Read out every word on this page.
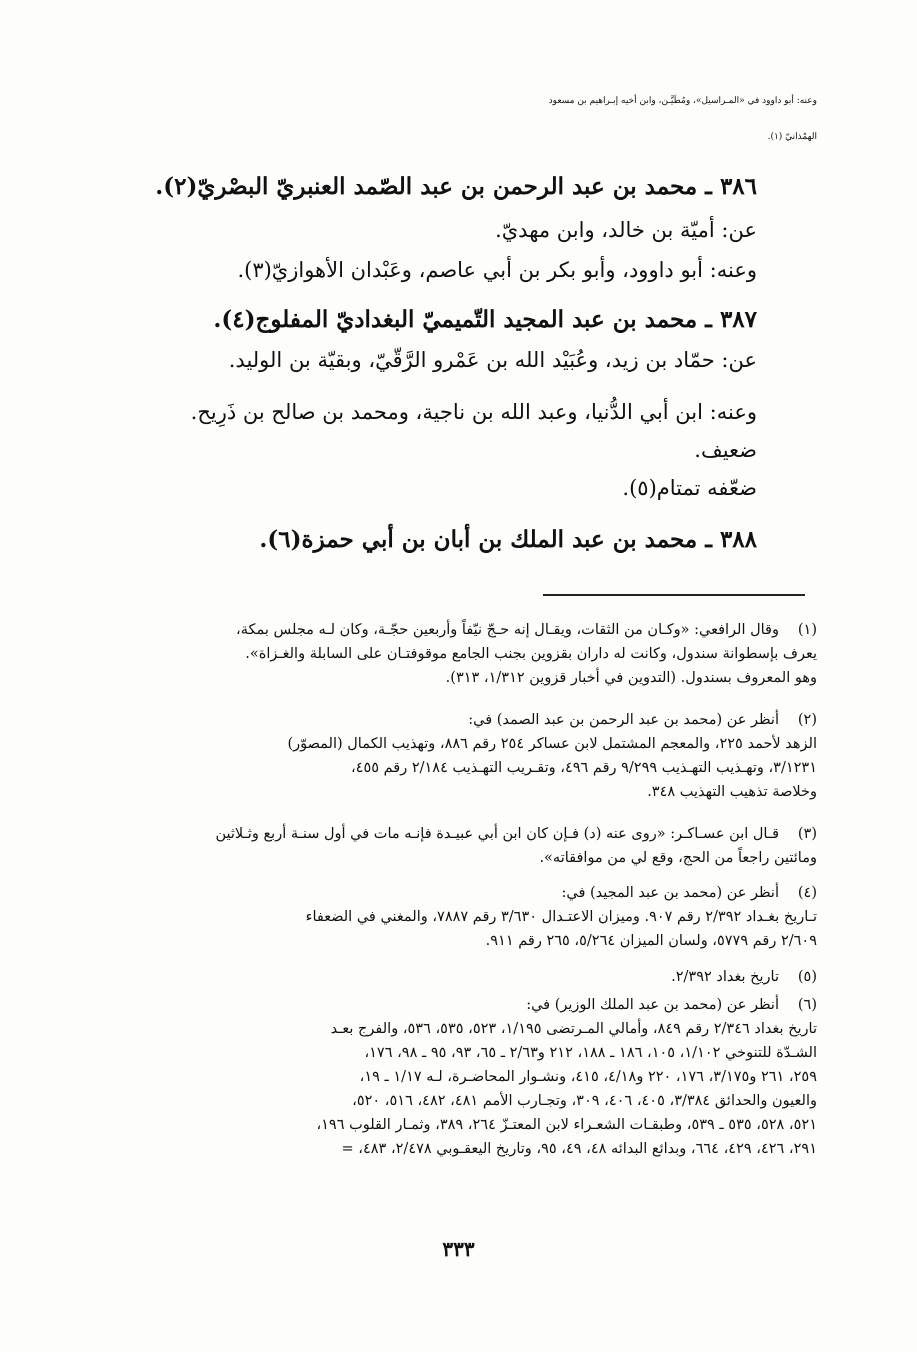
وعنه: أبو داوود في «المـراسيل»، ومُطَيَّـن، وابن أخيه إبـراهيم بن مسعود
الهمْذانيّ (١).
٣٨٦ ـ محمد بن عبد الرحمن بن عبد الصّمد العنبريّ البصْريّ(٢).
عن: أميّة بن خالد، وابن مهديّ.
وعنه: أبو داوود، وأبو بكر بن أبي عاصم، وعَبْدان الأهوازيّ(٣).
٣٨٧ ـ محمد بن عبد المجيد التّميميّ البغداديّ المفلوج(٤).
عن: حمّاد بن زيد، وعُبَيْد الله بن عَمْرو الرَّقّيّ، وبقيّة بن الوليد.
وعنه: ابن أبي الدُّنيا، وعبد الله بن ناجية، ومحمد بن صالح بن ذَرِيح.
ضعيف.
ضعّفه تمتام(٥).
٣٨٨ ـ محمد بن عبد الملك بن أبان بن أبي حمزة(٦).
(١)وقال الرافعي: «وكـان من الثقات، ويقـال إنه حـجّ نيّفاً وأربعين حجّـة، وكان لـه مجلس بمكة،
يعرف بإسطوانة سندول، وكانت له داران بقزوين بجنب الجامع موقوفتـان على السابلة والغـزاة».
وهو المعروف بسندول. (التدوين في أخبار قزوين ١/٣١٢، ٣١٣).
(٢)أنظر عن (محمد بن عبد الرحمن بن عبد الصمد) في:
الزهد لأحمد ٢٢٥، والمعجم المشتمل لابن عساكر ٢٥٤ رقم ٨٨٦، وتهذيب الكمال (المصوّر)
٣/١٢٣١، وتهـذيب التهـذيب ٩/٢٩٩ رقم ٤٩٦، وتقـريب التهـذيب ٢/١٨٤ رقم ٤٥٥،
وخلاصة تذهيب التهذيب ٣٤٨.
(٣)قـال ابن عسـاكـر: «روى عنه (د) فـإن كان ابن أبي عبيـدة فإنـه مات في أول سنـة أربع وثـلاثين
ومائتين راجعاً من الحج، وقع لي من موافقاته».
(٤)أنظر عن (محمد بن عبد المجيد) في:
تـاريخ بغـداد ٢/٣٩٢ رقم ٩٠٧. وميزان الاعتـدال ٣/٦٣٠ رقم ٧٨٨٧، والمغني في الضعفاء
٢/٦٠٩ رقم ٥٧٧٩، ولسان الميزان ٥/٢٦٤، ٢٦٥ رقم ٩١١.
(٥)تاريخ بغداد ٢/٣٩٢.
(٦)أنظر عن (محمد بن عبد الملك الوزير) في:
تاريخ بغداد ٢/٣٤٦ رقم ٨٤٩، وأمالي المـرتضى ١/١٩٥، ٥٢٣، ٥٣٥، ٥٣٦، والفرج بعـد
الشـدّة للتنوخي ١/١٠٢، ١٠٥، ١٨٦ ـ ١٨٨، ٢١٢ و٢/٦٣ ـ ٦٥، ٩٣، ٩٥ ـ ٩٨، ١٧٦،
٢٥٩، ٢٦١ و٣/١٧٥، ١٧٦، ٢٢٠ و٤/١٨، ٤١٥، ونشـوار المحاضـرة، لـه ١/١٧ ـ ١٩،
والعيون والحدائق ٣/٣٨٤، ٤٠٥، ٤٠٦، ٣٠٩، وتجـارب الأمم ٤٨١، ٤٨٢، ٥١٦، ٥٢٠،
٥٢١، ٥٢٨، ٥٣٥ ـ ٥٣٩، وطبقـات الشعـراء لابن المعتـزّ ٢٦٤، ٣٨٩، وثمـار القلوب ١٩٦،
٢٩١، ٤٢٦، ٤٢٩، ٦٦٤، وبدائع البدائه ٤٨، ٤٩، ٩٥، وتاريخ اليعقـوبي ٢/٤٧٨، ٤٨٣، =
٣٣٣
